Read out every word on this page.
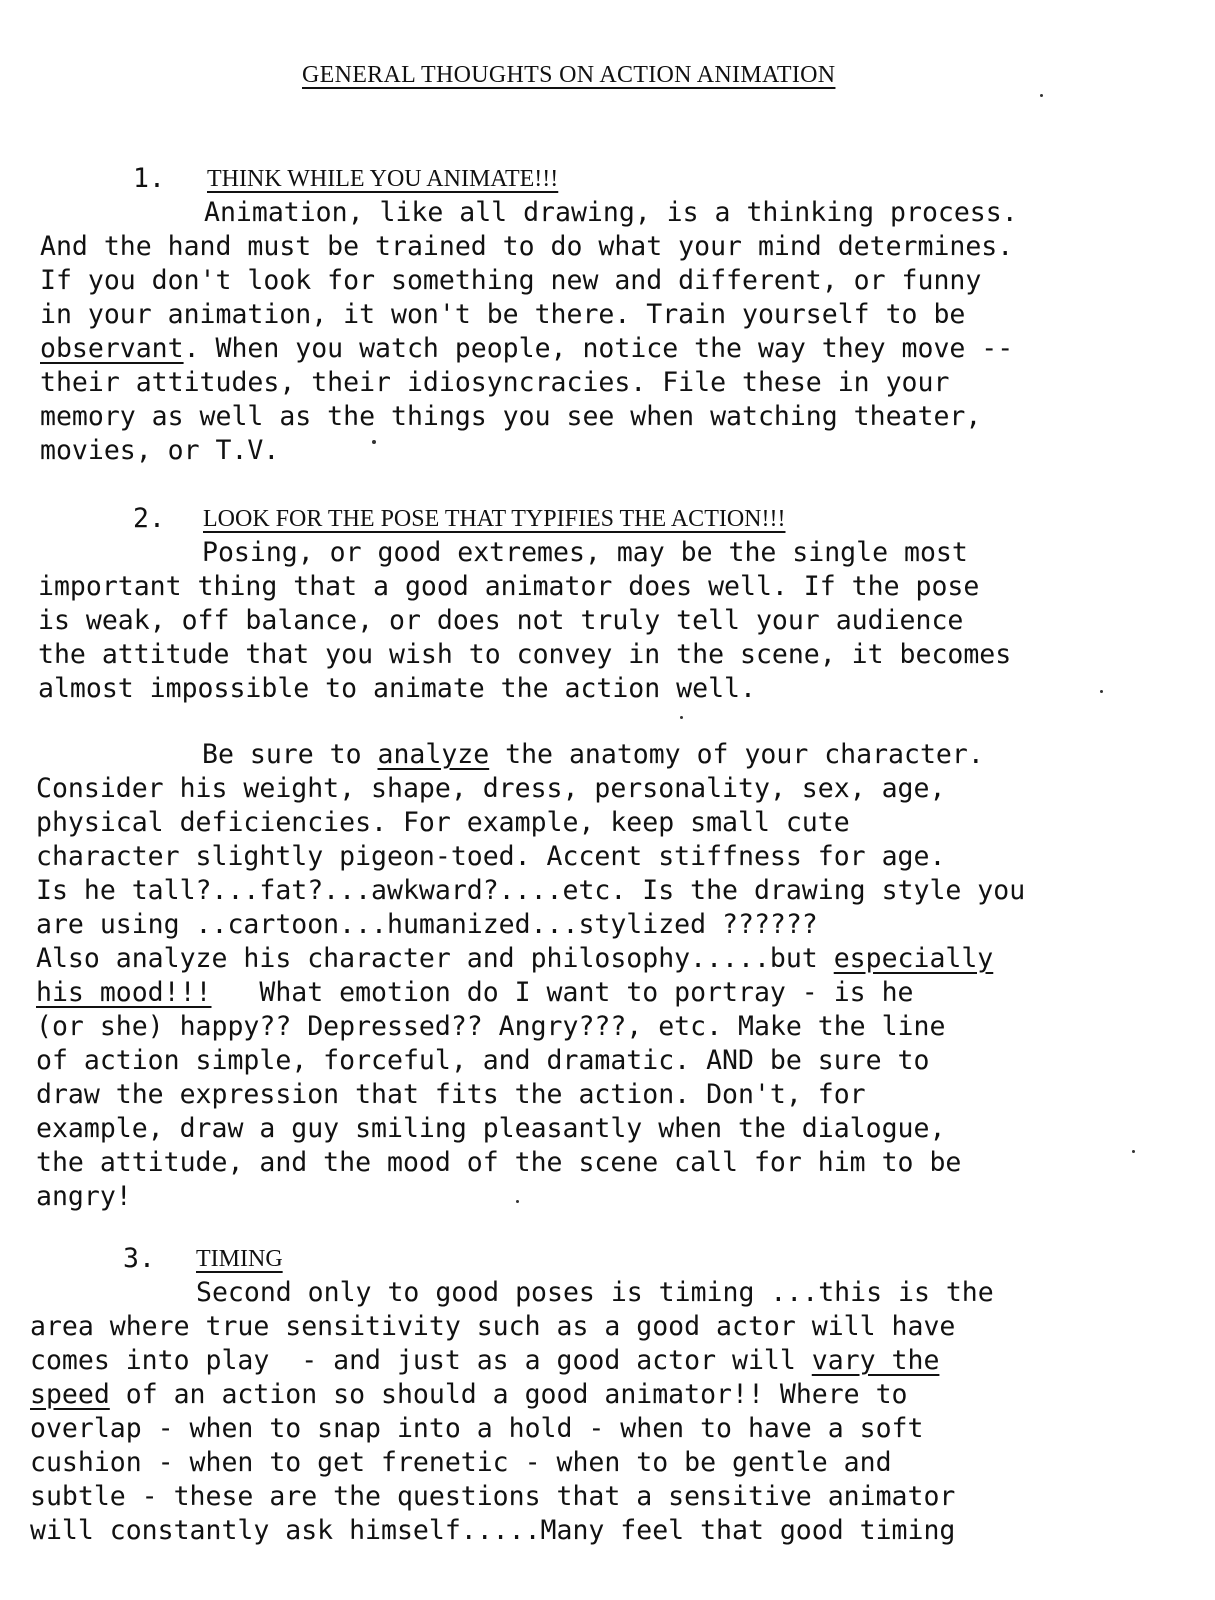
GENERAL THOUGHTS ON ACTION ANIMATION
1. THINK WHILE YOU ANIMATE!!!
Animation, like all drawing, is a thinking process.
And the hand must be trained to do what your mind determines.
If you don't look for something new and different, or funny
in your animation, it won't be there. Train yourself to be
observant. When you watch people, notice the way they move --
their attitudes, their idiosyncracies. File these in your
memory as well as the things you see when watching theater,
movies, or T.V.
2. LOOK FOR THE POSE THAT TYPIFIES THE ACTION!!!
Posing, or good extremes, may be the single most
important thing that a good animator does well. If the pose
is weak, off balance, or does not truly tell your audience
the attitude that you wish to convey in the scene, it becomes
almost impossible to animate the action well.
Be sure to analyze the anatomy of your character.
Consider his weight, shape, dress, personality, sex, age,
physical deficiencies. For example, keep small cute
character slightly pigeon-toed. Accent stiffness for age.
Is he tall?...fat?...awkward?....etc. Is the drawing style you
are using ..cartoon...humanized...stylized ??????
Also analyze his character and philosophy.....but especially
his mood!!!   What emotion do I want to portray - is he
(or she) happy?? Depressed?? Angry???, etc. Make the line
of action simple, forceful, and dramatic. AND be sure to
draw the expression that fits the action. Don't, for
example, draw a guy smiling pleasantly when the dialogue,
the attitude, and the mood of the scene call for him to be
angry!
3. TIMING
Second only to good poses is timing ...this is the
area where true sensitivity such as a good actor will have
comes into play  - and just as a good actor will vary the
speed of an action so should a good animator!! Where to
overlap - when to snap into a hold - when to have a soft
cushion - when to get frenetic - when to be gentle and
subtle - these are the questions that a sensitive animator
will constantly ask himself.....Many feel that good timing
